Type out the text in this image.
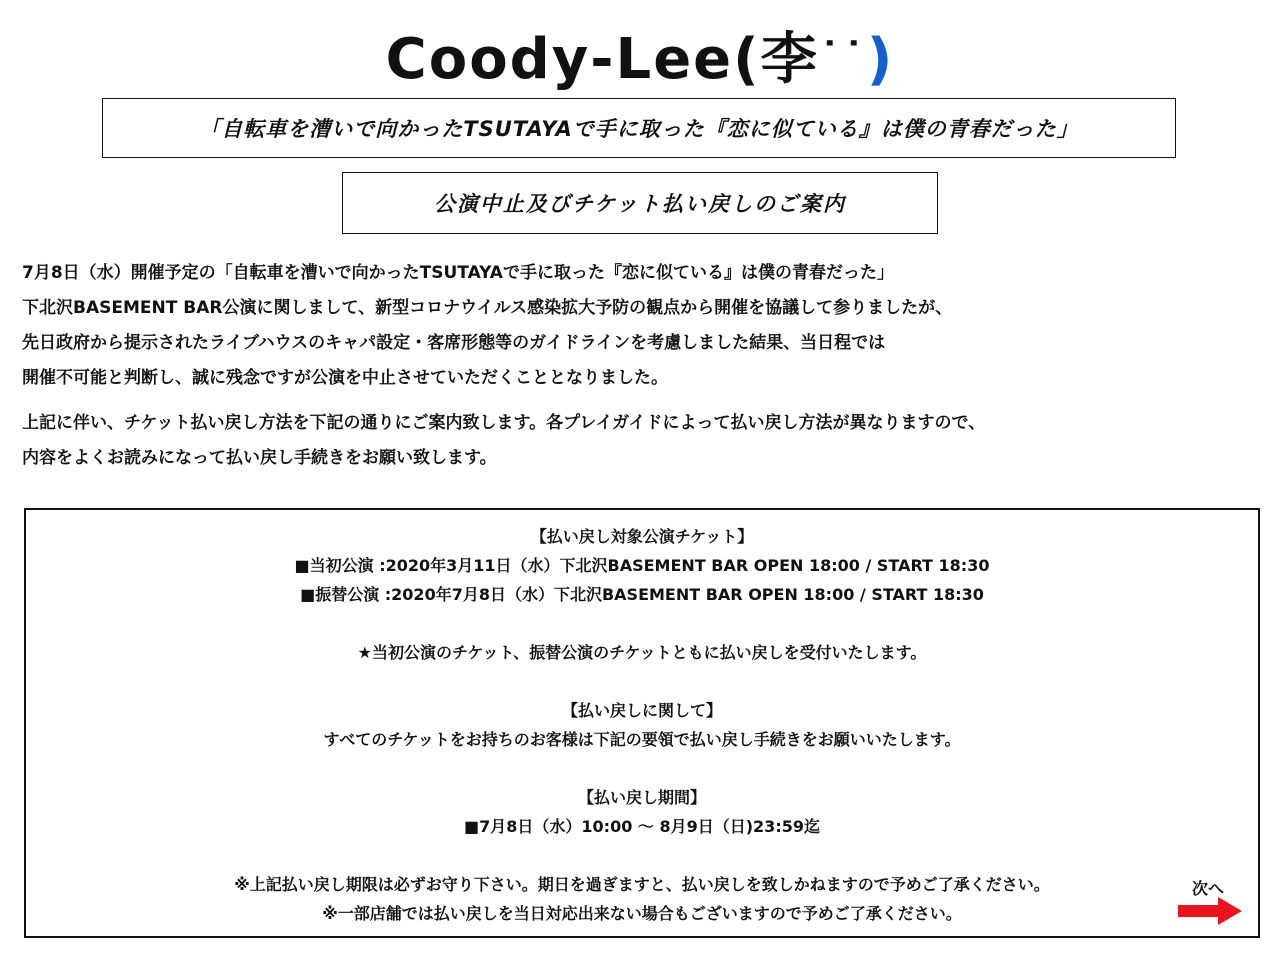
Coody-Lee(李˙˙)
「自転車を漕いで向かったTSUTAYAで手に取った『恋に似ている』は僕の青春だった」
公演中止及びチケット払い戻しのご案内

7月8日（水）開催予定の「自転車を漕いで向かったTSUTAYAで手に取った『恋に似ている』は僕の青春だった」

下北沢BASEMENT BAR公演に関しまして、新型コロナウイルス感染拡大予防の観点から開催を協議して参りましたが、

先日政府から提示されたライブハウスのキャパ設定・客席形態等のガイドラインを考慮しました結果、当日程では

開催不可能と判断し、誠に残念ですが公演を中止させていただくこととなりました。

上記に伴い、チケット払い戻し方法を下記の通りにご案内致します。各プレイガイドによって払い戻し方法が異なりますので、

内容をよくお読みになって払い戻し手続きをお願い致します。

【払い戻し対象公演チケット】
■当初公演 :2020年3月11日（水）下北沢BASEMENT BAR OPEN 18:00 / START 18:30
■振替公演 :2020年7月8日（水）下北沢BASEMENT BAR OPEN 18:00 / START 18:30
★当初公演のチケット、振替公演のチケットともに払い戻しを受付いたします。
【払い戻しに関して】
すべてのチケットをお持ちのお客様は下記の要領で払い戻し手続きをお願いいたします。
【払い戻し期間】
■7月8日（水）10:00 ～ 8月9日（日)23:59迄
※上記払い戻し期限は必ずお守り下さい。期日を過ぎますと、払い戻しを致しかねますので予めご了承ください。
※一部店舗では払い戻しを当日対応出来ない場合もございますので予めご了承ください。
次へ
